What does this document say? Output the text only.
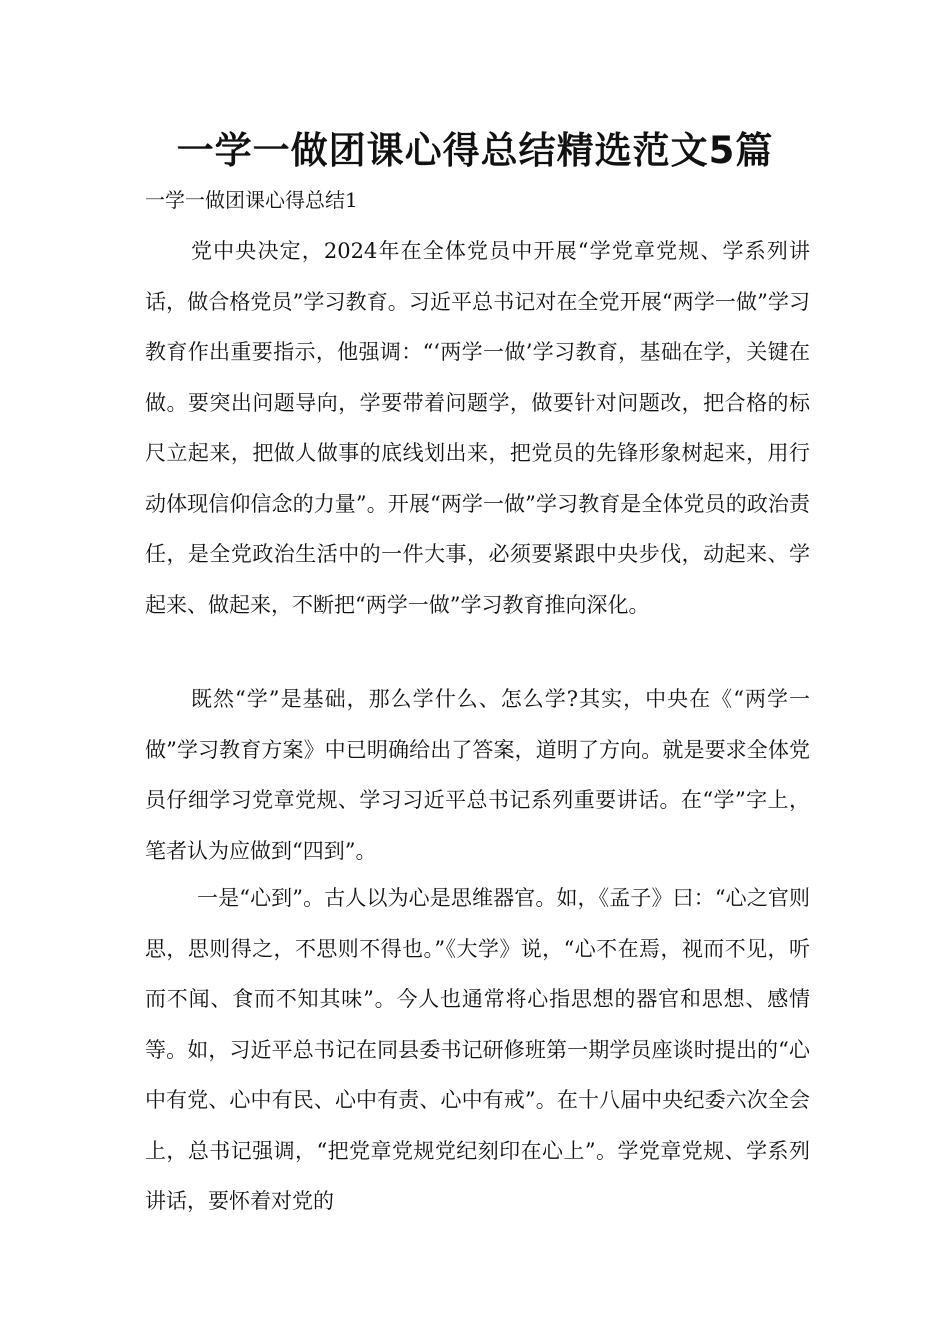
一学一做团课心得总结精选范文5篇
一学一做团课心得总结1

党中央决定，2024年在全体党员中开展“学党章党规、学系列讲话，做合格党员”学习教育。习近平总书记对在全党开展“两学一做”学习教育作出重要指示，他强调：“‘两学一做’学习教育，基础在学，关键在做。要突出问题导向，学要带着问题学，做要针对问题改，把合格的标尺立起来，把做人做事的底线划出来，把党员的先锋形象树起来，用行动体现信仰信念的力量”。开展“两学一做”学习教育是全体党员的政治责任，是全党政治生活中的一件大事，必须要紧跟中央步伐，动起来、学起来、做起来，不断把“两学一做”学习教育推向深化。

既然“学”是基础，那么学什么、怎么学?其实，中央在《“两学一做”学习教育方案》中已明确给出了答案，道明了方向。就是要求全体党员仔细学习党章党规、学习习近平总书记系列重要讲话。在“学”字上，笔者认为应做到“四到”。

一是“心到”。古人以为心是思维器官。如，《孟子》曰：“心之官则思，思则得之，不思则不得也。”《大学》说，“心不在焉，视而不见，听而不闻、食而不知其味”。今人也通常将心指思想的器官和思想、感情等。如，习近平总书记在同县委书记研修班第一期学员座谈时提出的“心中有党、心中有民、心中有责、心中有戒”。在十八届中央纪委六次全会上，总书记强调，“把党章党规党纪刻印在心上”。学党章党规、学系列讲话，要怀着对党的
